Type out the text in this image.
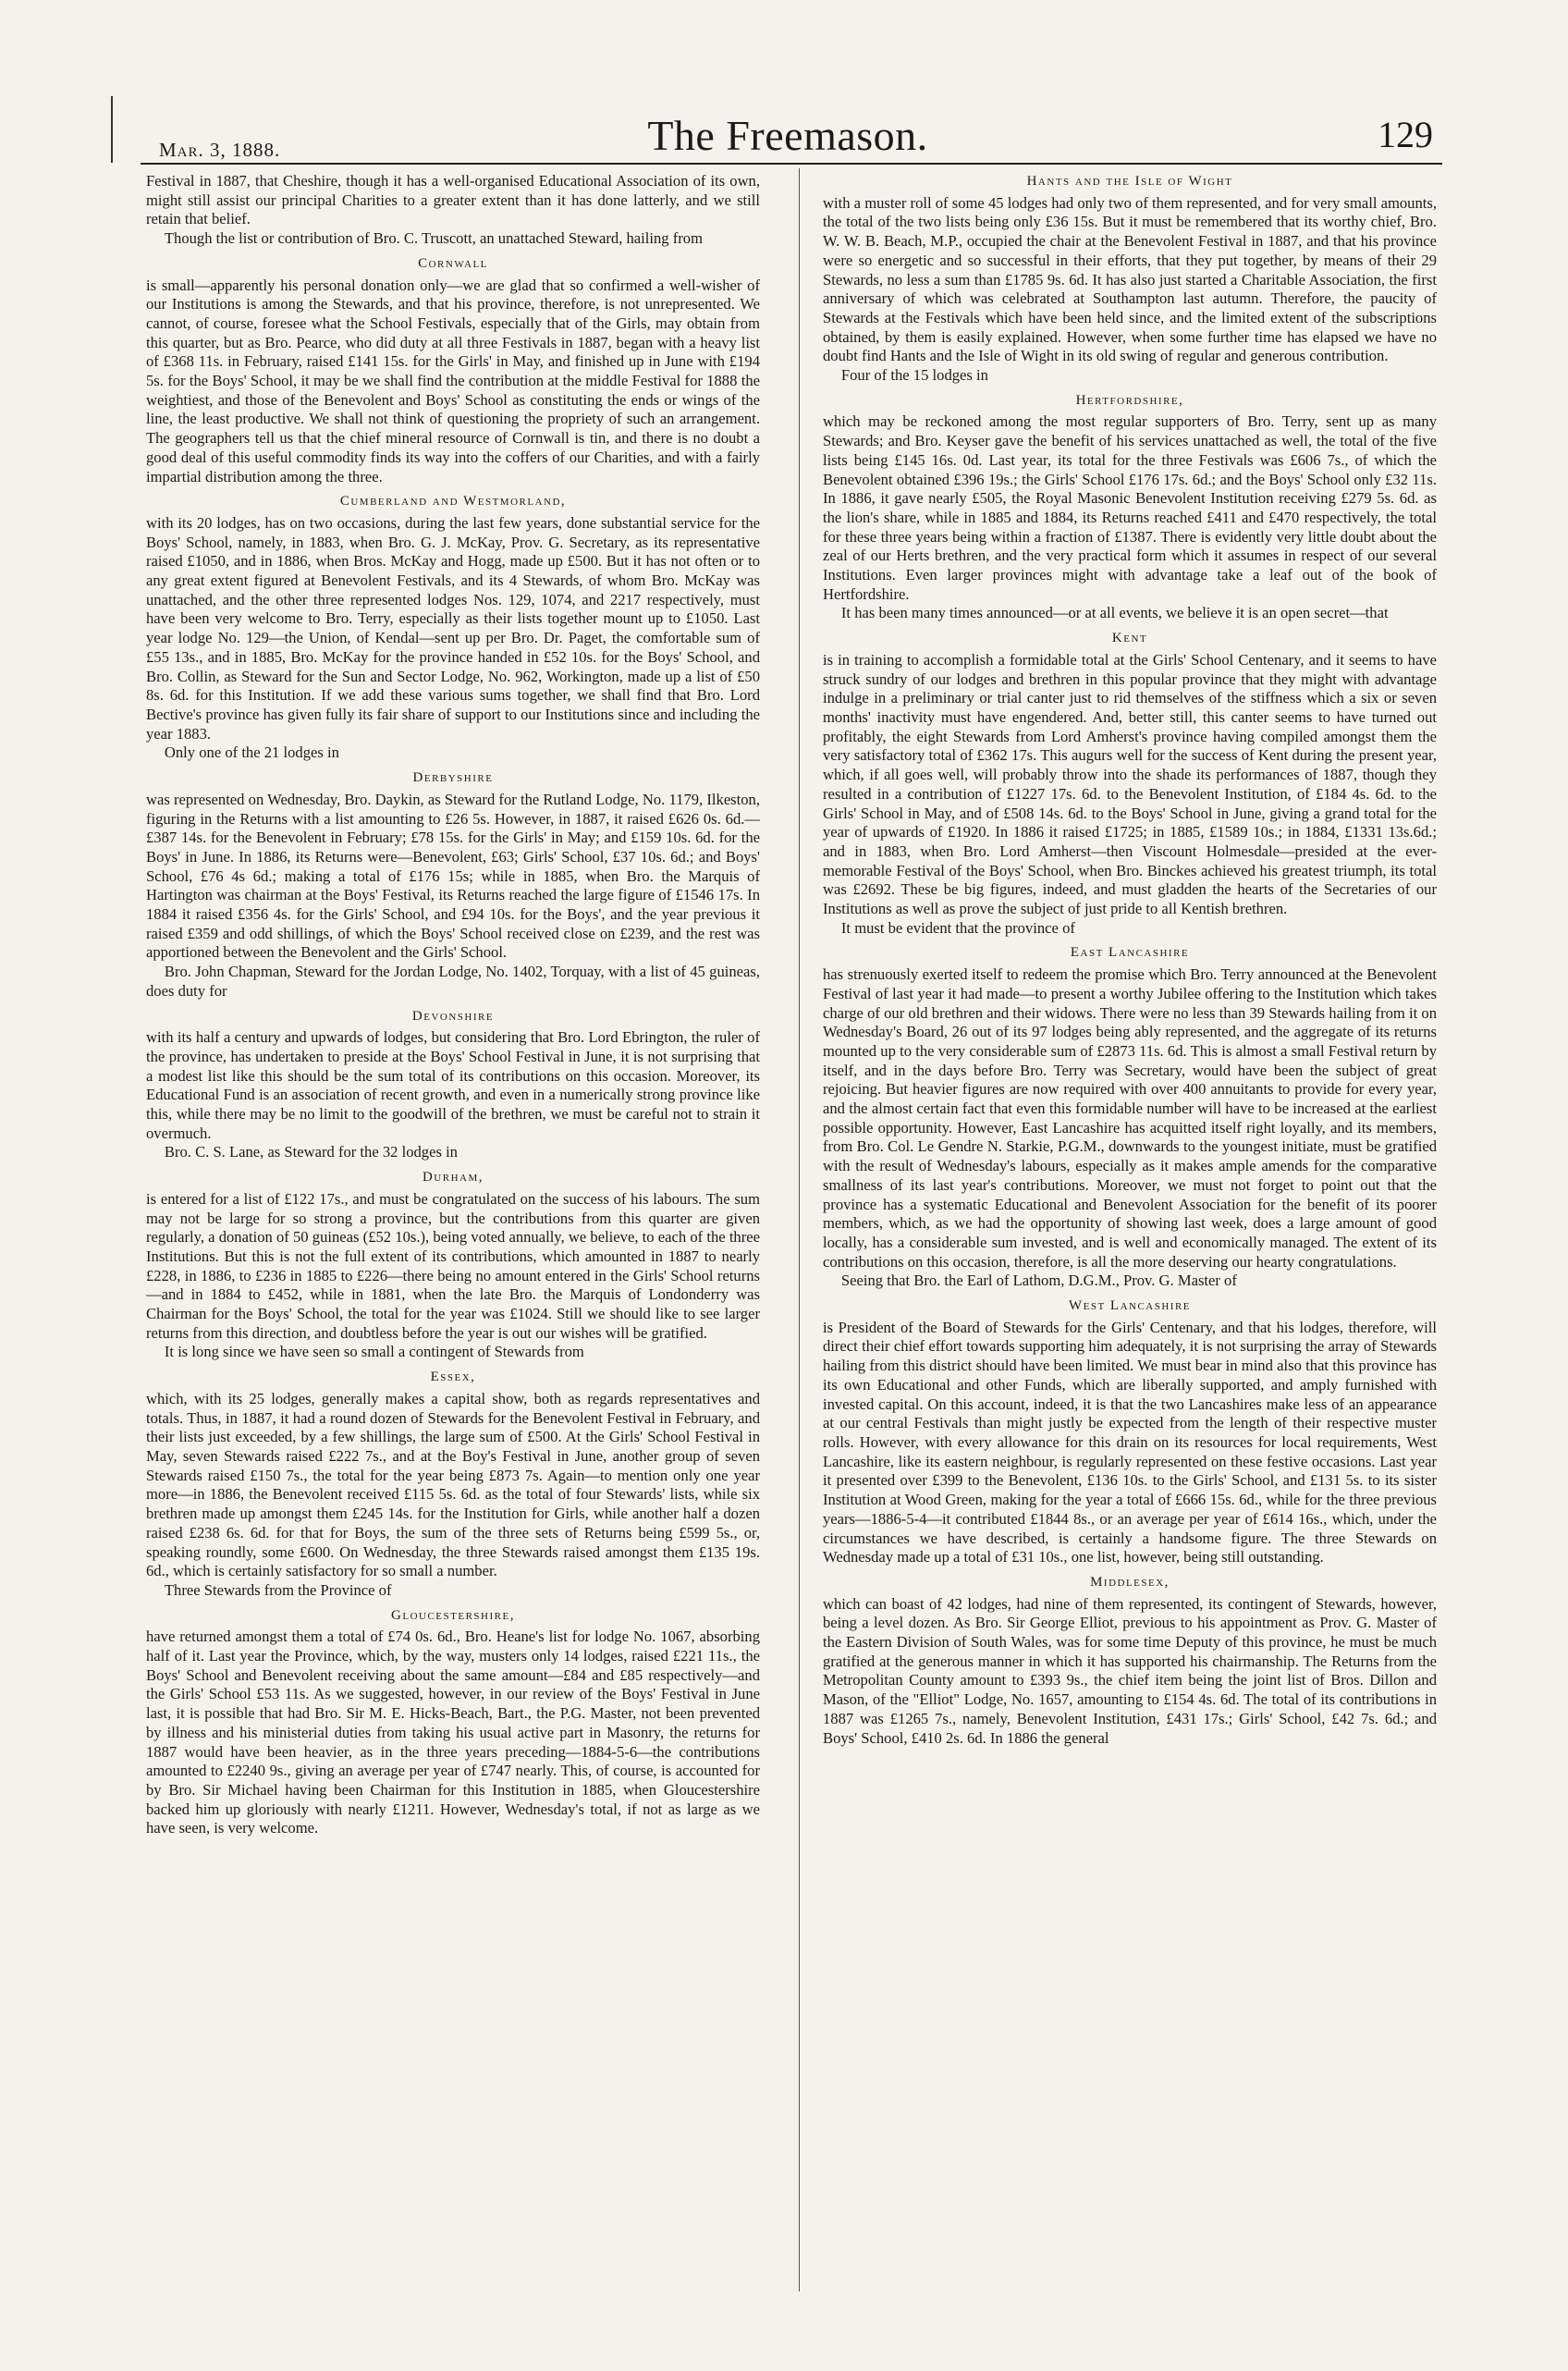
Mar. 3, 1888.	The Freemason.	129

Festival in 1887, that Cheshire, though it has a well-organised Educational Association of its own, might still assist our principal Charities to a greater extent than it has done latterly, and we still retain that belief.

Though the list or contribution of Bro. C. Truscott, an unattached Steward, hailing from

Cornwall

is small—apparently his personal donation only—we are glad that so confirmed a well-wisher of our Institutions is among the Stewards, and that his province, therefore, is not unrepresented. We cannot, of course, foresee what the School Festivals, especially that of the Girls, may obtain from this quarter, but as Bro. Pearce, who did duty at all three Festivals in 1887, began with a heavy list of £368 11s. in February, raised £141 15s. for the Girls' in May, and finished up in June with £194 5s. for the Boys' School, it may be we shall find the contribution at the middle Festival for 1888 the weightiest, and those of the Benevolent and Boys' School as constituting the ends or wings of the line, the least productive. We shall not think of questioning the propriety of such an arrangement. The geographers tell us that the chief mineral resource of Cornwall is tin, and there is no doubt a good deal of this useful commodity finds its way into the coffers of our Charities, and with a fairly impartial distribution among the three.

Cumberland and Westmorland,

with its 20 lodges, has on two occasions, during the last few years, done substantial service for the Boys' School, namely, in 1883, when Bro. G. J. McKay, Prov. G. Secretary, as its representative raised £1050, and in 1886, when Bros. McKay and Hogg, made up £500. But it has not often or to any great extent figured at Benevolent Festivals, and its 4 Stewards, of whom Bro. McKay was unattached, and the other three represented lodges Nos. 129, 1074, and 2217 respectively, must have been very welcome to Bro. Terry, especially as their lists together mount up to £1050. Last year lodge No. 129—the Union, of Kendal—sent up per Bro. Dr. Paget, the comfortable sum of £55 13s., and in 1885, Bro. McKay for the province handed in £52 10s. for the Boys' School, and Bro. Collin, as Steward for the Sun and Sector Lodge, No. 962, Workington, made up a list of £50 8s. 6d. for this Institution. If we add these various sums together, we shall find that Bro. Lord Bective's province has given fully its fair share of support to our Institutions since and including the year 1883.

Only one of the 21 lodges in

Derbyshire

was represented on Wednesday, Bro. Daykin, as Steward for the Rutland Lodge, No. 1179, Ilkeston, figuring in the Returns with a list amounting to £26 5s. However, in 1887, it raised £626 0s. 6d.—£387 14s. for the Benevolent in February; £78 15s. for the Girls' in May; and £159 10s. 6d. for the Boys' in June. In 1886, its Returns were—Benevolent, £63; Girls' School, £37 10s. 6d.; and Boys' School, £76 4s 6d.; making a total of £176 15s; while in 1885, when Bro. the Marquis of Hartington was chairman at the Boys' Festival, its Returns reached the large figure of £1546 17s. In 1884 it raised £356 4s. for the Girls' School, and £94 10s. for the Boys', and the year previous it raised £359 and odd shillings, of which the Boys' School received close on £239, and the rest was apportioned between the Benevolent and the Girls' School.

Bro. John Chapman, Steward for the Jordan Lodge, No. 1402, Torquay, with a list of 45 guineas, does duty for

Devonshire

with its half a century and upwards of lodges, but considering that Bro. Lord Ebrington, the ruler of the province, has undertaken to preside at the Boys' School Festival in June, it is not surprising that a modest list like this should be the sum total of its contributions on this occasion. Moreover, its Educational Fund is an association of recent growth, and even in a numerically strong province like this, while there may be no limit to the goodwill of the brethren, we must be careful not to strain it overmuch.

Bro. C. S. Lane, as Steward for the 32 lodges in

Durham,

is entered for a list of £122 17s., and must be congratulated on the success of his labours. The sum may not be large for so strong a province, but the contributions from this quarter are given regularly, a donation of 50 guineas (£52 10s.), being voted annually, we believe, to each of the three Institutions. But this is not the full extent of its contributions, which amounted in 1887 to nearly £228, in 1886, to £236 in 1885 to £226—there being no amount entered in the Girls' School returns—and in 1884 to £452, while in 1881, when the late Bro. the Marquis of Londonderry was Chairman for the Boys' School, the total for the year was £1024. Still we should like to see larger returns from this direction, and doubtless before the year is out our wishes will be gratified.

It is long since we have seen so small a contingent of Stewards from

Essex,

which, with its 25 lodges, generally makes a capital show, both as regards representatives and totals. Thus, in 1887, it had a round dozen of Stewards for the Benevolent Festival in February, and their lists just exceeded, by a few shillings, the large sum of £500. At the Girls' School Festival in May, seven Stewards raised £222 7s., and at the Boy's Festival in June, another group of seven Stewards raised £150 7s., the total for the year being £873 7s. Again—to mention only one year more—in 1886, the Benevolent received £115 5s. 6d. as the total of four Stewards' lists, while six brethren made up amongst them £245 14s. for the Institution for Girls, while another half a dozen raised £238 6s. 6d. for that for Boys, the sum of the three sets of Returns being £599 5s., or, speaking roundly, some £600. On Wednesday, the three Stewards raised amongst them £135 19s. 6d., which is certainly satisfactory for so small a number.

Three Stewards from the Province of

Gloucestershire,

have returned amongst them a total of £74 0s. 6d., Bro. Heane's list for lodge No. 1067, absorbing half of it. Last year the Province, which, by the way, musters only 14 lodges, raised £221 11s., the Boys' School and Benevolent receiving about the same amount—£84 and £85 respectively—and the Girls' School £53 11s. As we suggested, however, in our review of the Boys' Festival in June last, it is possible that had Bro. Sir M. E. Hicks-Beach, Bart., the P.G. Master, not been prevented by illness and his ministerial duties from taking his usual active part in Masonry, the returns for 1887 would have been heavier, as in the three years preceding—1884-5-6—the contributions amounted to £2240 9s., giving an average per year of £747 nearly. This, of course, is accounted for by Bro. Sir Michael having been Chairman for this Institution in 1885, when Gloucestershire backed him up gloriously with nearly £1211. However, Wednesday's total, if not as large as we have seen, is very welcome.

Hants and the Isle of Wight

with a muster roll of some 45 lodges had only two of them represented, and for very small amounts, the total of the two lists being only £36 15s. But it must be remembered that its worthy chief, Bro. W. W. B. Beach, M.P., occupied the chair at the Benevolent Festival in 1887, and that his province were so energetic and so successful in their efforts, that they put together, by means of their 29 Stewards, no less a sum than £1785 9s. 6d. It has also just started a Charitable Association, the first anniversary of which was celebrated at Southampton last autumn. Therefore, the paucity of Stewards at the Festivals which have been held since, and the limited extent of the subscriptions obtained, by them is easily explained. However, when some further time has elapsed we have no doubt find Hants and the Isle of Wight in its old swing of regular and generous contribution.

Four of the 15 lodges in

Hertfordshire,

which may be reckoned among the most regular supporters of Bro. Terry, sent up as many Stewards; and Bro. Keyser gave the benefit of his services unattached as well, the total of the five lists being £145 16s. 0d. Last year, its total for the three Festivals was £606 7s., of which the Benevolent obtained £396 19s.; the Girls' School £176 17s. 6d.; and the Boys' School only £32 11s. In 1886, it gave nearly £505, the Royal Masonic Benevolent Institution receiving £279 5s. 6d. as the lion's share, while in 1885 and 1884, its Returns reached £411 and £470 respectively, the total for these three years being within a fraction of £1387. There is evidently very little doubt about the zeal of our Herts brethren, and the very practical form which it assumes in respect of our several Institutions. Even larger provinces might with advantage take a leaf out of the book of Hertfordshire.

It has been many times announced—or at all events, we believe it is an open secret—that

Kent

is in training to accomplish a formidable total at the Girls' School Centenary, and it seems to have struck sundry of our lodges and brethren in this popular province that they might with advantage indulge in a preliminary or trial canter just to rid themselves of the stiffness which a six or seven months' inactivity must have engendered. And, better still, this canter seems to have turned out profitably, the eight Stewards from Lord Amherst's province having compiled amongst them the very satisfactory total of £362 17s. This augurs well for the success of Kent during the present year, which, if all goes well, will probably throw into the shade its performances of 1887, though they resulted in a contribution of £1227 17s. 6d. to the Benevolent Institution, of £184 4s. 6d. to the Girls' School in May, and of £508 14s. 6d. to the Boys' School in June, giving a grand total for the year of upwards of £1920. In 1886 it raised £1725; in 1885, £1589 10s.; in 1884, £1331 13s.6d.; and in 1883, when Bro. Lord Amherst—then Viscount Holmesdale—presided at the ever-memorable Festival of the Boys' School, when Bro. Binckes achieved his greatest triumph, its total was £2692. These be big figures, indeed, and must gladden the hearts of the Secretaries of our Institutions as well as prove the subject of just pride to all Kentish brethren.

It must be evident that the province of

East Lancashire

has strenuously exerted itself to redeem the promise which Bro. Terry announced at the Benevolent Festival of last year it had made—to present a worthy Jubilee offering to the Institution which takes charge of our old brethren and their widows. There were no less than 39 Stewards hailing from it on Wednesday's Board, 26 out of its 97 lodges being ably represented, and the aggregate of its returns mounted up to the very considerable sum of £2873 11s. 6d. This is almost a small Festival return by itself, and in the days before Bro. Terry was Secretary, would have been the subject of great rejoicing. But heavier figures are now required with over 400 annuitants to provide for every year, and the almost certain fact that even this formidable number will have to be increased at the earliest possible opportunity. However, East Lancashire has acquitted itself right loyally, and its members, from Bro. Col. Le Gendre N. Starkie, P.G.M., downwards to the youngest initiate, must be gratified with the result of Wednesday's labours, especially as it makes ample amends for the comparative smallness of its last year's contributions. Moreover, we must not forget to point out that the province has a systematic Educational and Benevolent Association for the benefit of its poorer members, which, as we had the opportunity of showing last week, does a large amount of good locally, has a considerable sum invested, and is well and economically managed. The extent of its contributions on this occasion, therefore, is all the more deserving our hearty congratulations.

Seeing that Bro. the Earl of Lathom, D.G.M., Prov. G. Master of

West Lancashire

is President of the Board of Stewards for the Girls' Centenary, and that his lodges, therefore, will direct their chief effort towards supporting him adequately, it is not surprising the array of Stewards hailing from this district should have been limited. We must bear in mind also that this province has its own Educational and other Funds, which are liberally supported, and amply furnished with invested capital. On this account, indeed, it is that the two Lancashires make less of an appearance at our central Festivals than might justly be expected from the length of their respective muster rolls. However, with every allowance for this drain on its resources for local requirements, West Lancashire, like its eastern neighbour, is regularly represented on these festive occasions. Last year it presented over £399 to the Benevolent, £136 10s. to the Girls' School, and £131 5s. to its sister Institution at Wood Green, making for the year a total of £666 15s. 6d., while for the three previous years—1886-5-4—it contributed £1844 8s., or an average per year of £614 16s., which, under the circumstances we have described, is certainly a handsome figure. The three Stewards on Wednesday made up a total of £31 10s., one list, however, being still outstanding.

Middlesex,

which can boast of 42 lodges, had nine of them represented, its contingent of Stewards, however, being a level dozen. As Bro. Sir George Elliot, previous to his appointment as Prov. G. Master of the Eastern Division of South Wales, was for some time Deputy of this province, he must be much gratified at the generous manner in which it has supported his chairmanship. The Returns from the Metropolitan County amount to £393 9s., the chief item being the joint list of Bros. Dillon and Mason, of the "Elliot" Lodge, No. 1657, amounting to £154 4s. 6d. The total of its contributions in 1887 was £1265 7s., namely, Benevolent Institution, £431 17s.; Girls' School, £42 7s. 6d.; and Boys' School, £410 2s. 6d. In 1886 the general
